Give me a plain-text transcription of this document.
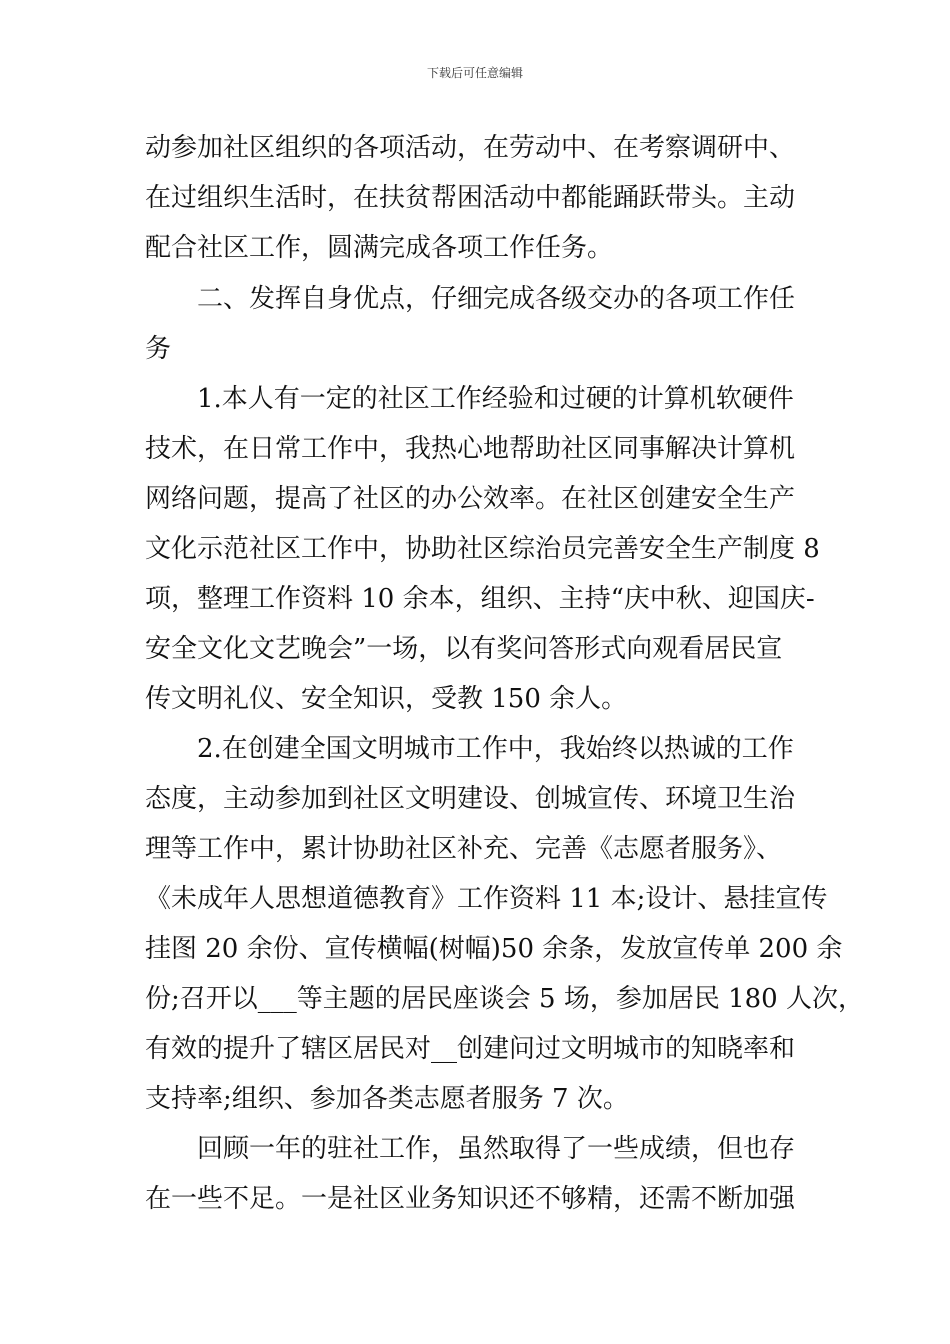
下载后可任意编辑
动参加社区组织的各项活动，在劳动中、在考察调研中、
在过组织生活时，在扶贫帮困活动中都能踊跃带头。主动
配合社区工作，圆满完成各项工作任务。
二、发挥自身优点，仔细完成各级交办的各项工作任
务
1.本人有一定的社区工作经验和过硬的计算机软硬件
技术，在日常工作中，我热心地帮助社区同事解决计算机
网络问题，提高了社区的办公效率。在社区创建安全生产
文化示范社区工作中，协助社区综治员完善安全生产制度 8
项，整理工作资料 10 余本，组织、主持“庆中秋、迎国庆-
安全文化文艺晚会”一场，以有奖问答形式向观看居民宣
传文明礼仪、安全知识，受教 150 余人。
2.在创建全国文明城市工作中，我始终以热诚的工作
态度，主动参加到社区文明建设、创城宣传、环境卫生治
理等工作中，累计协助社区补充、完善《志愿者服务》、
《未成年人思想道德教育》工作资料 11 本;设计、悬挂宣传
挂图 20 余份、宣传横幅(树幅)50 余条，发放宣传单 200 余
份;召开以___等主题的居民座谈会 5 场，参加居民 180 人次，
有效的提升了辖区居民对__创建问过文明城市的知晓率和
支持率;组织、参加各类志愿者服务 7 次。
回顾一年的驻社工作，虽然取得了一些成绩，但也存
在一些不足。一是社区业务知识还不够精，还需不断加强
